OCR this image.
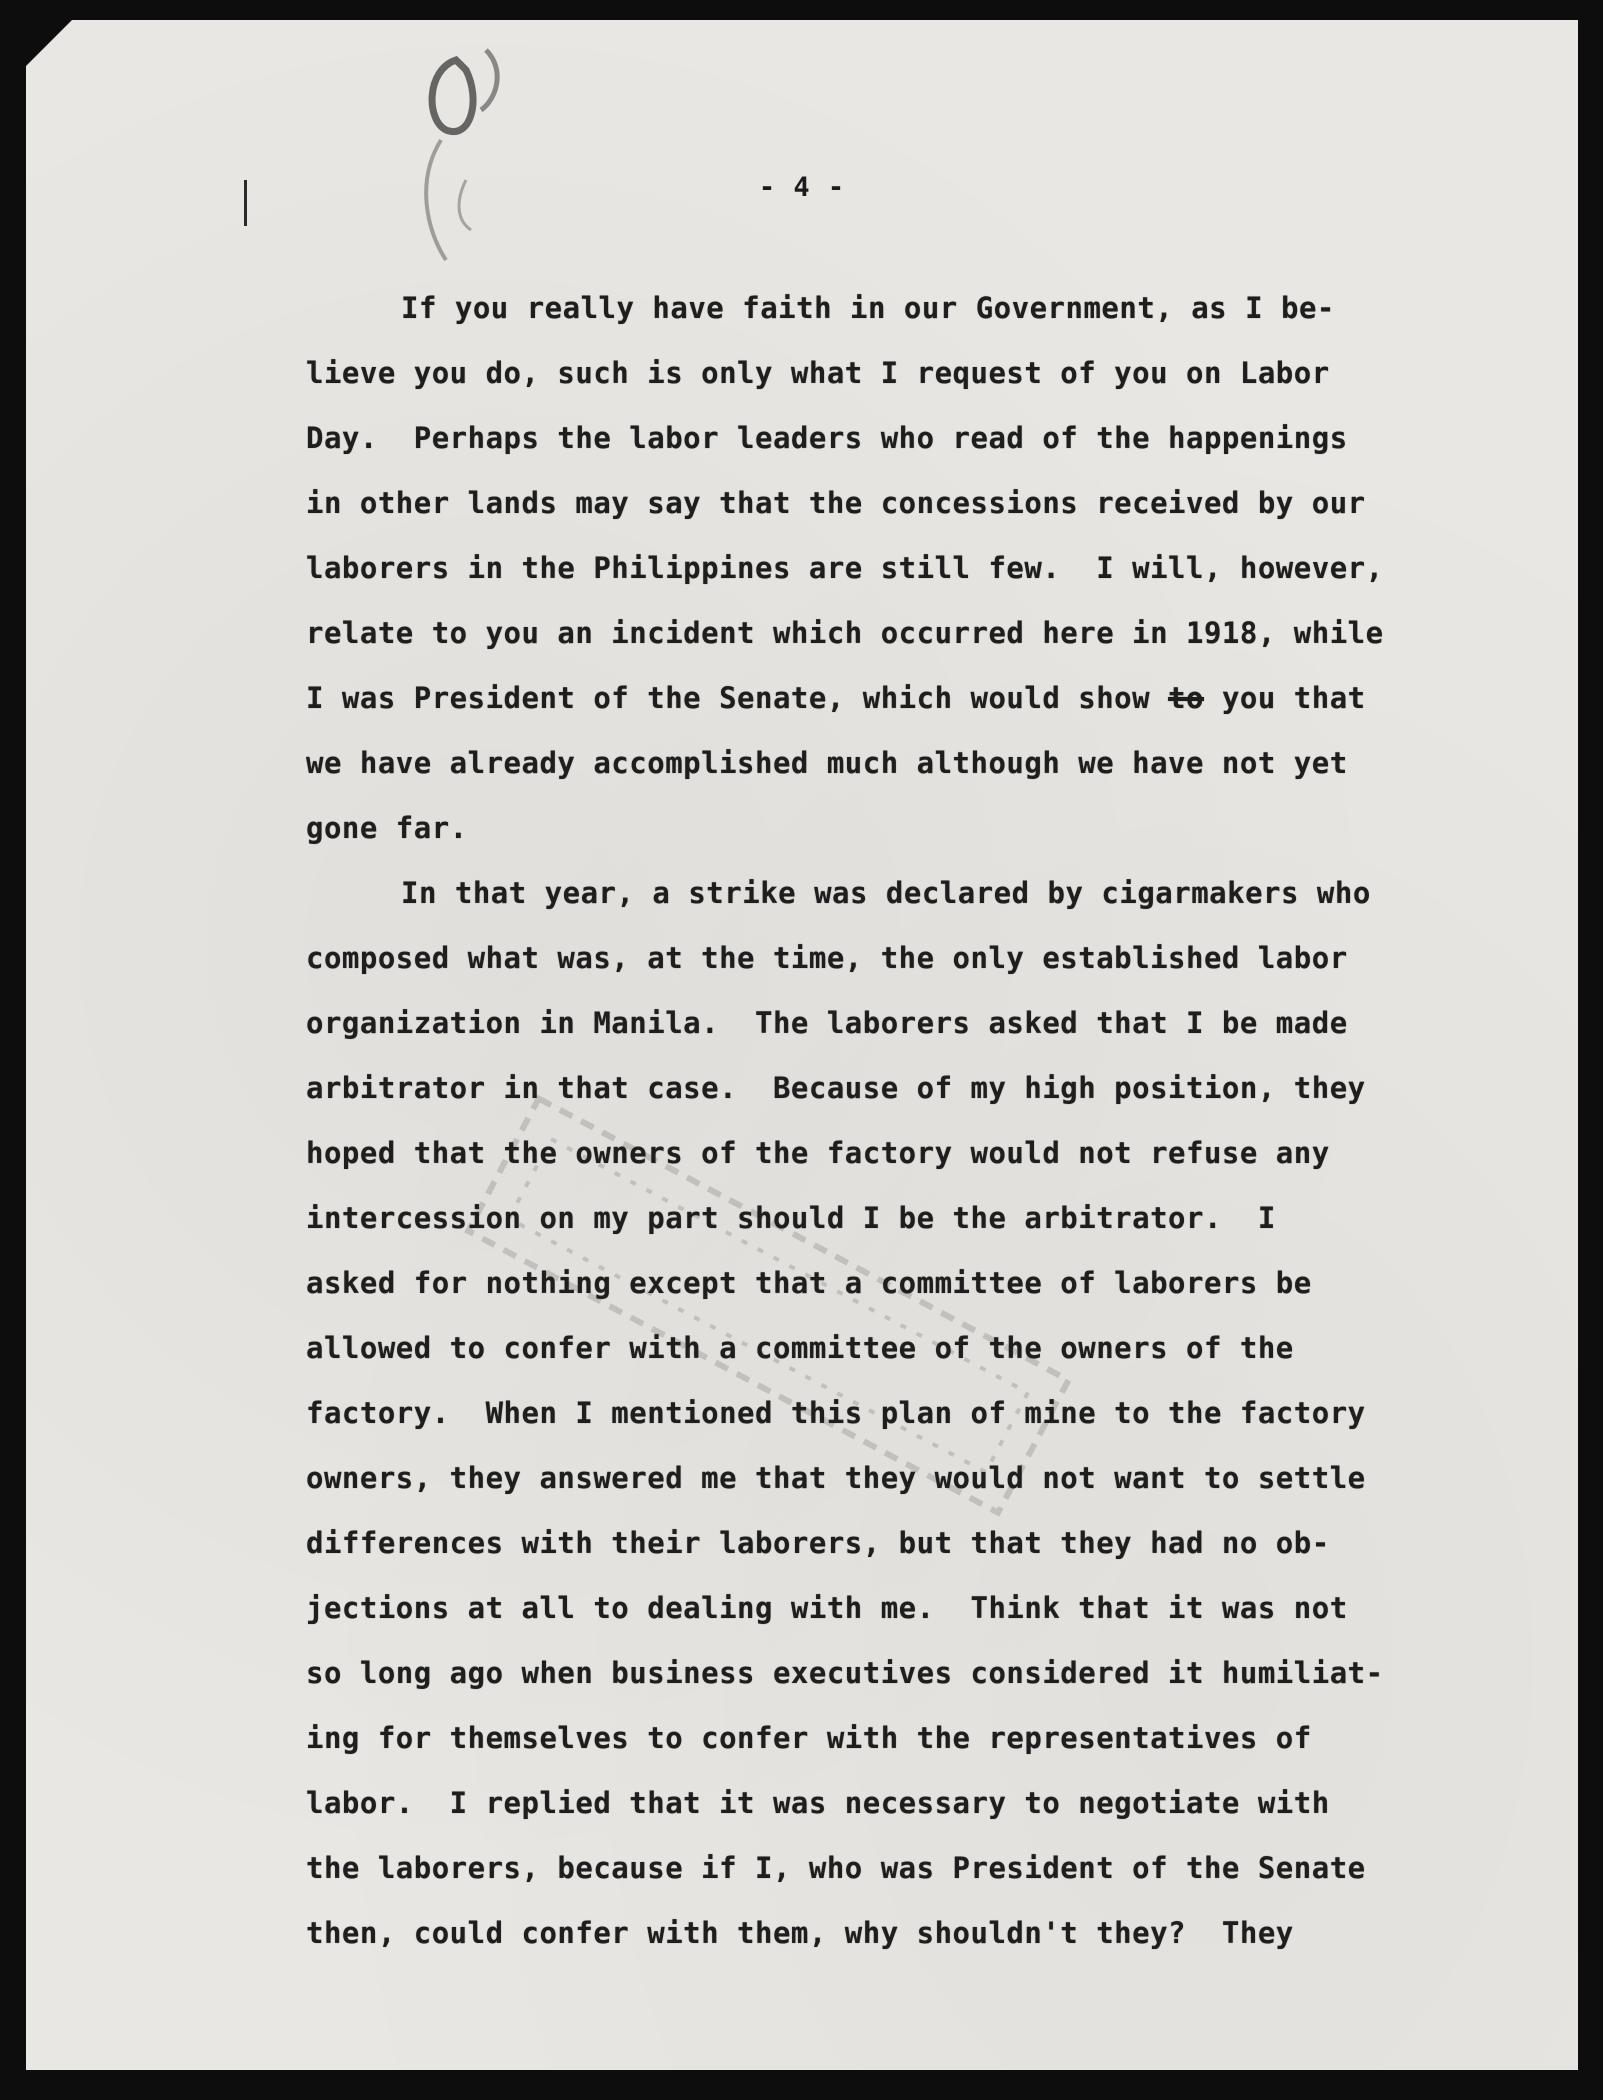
- 4 -
If you really have faith in our Government, as I be-
lieve you do, such is only what I request of you on Labor
Day.  Perhaps the labor leaders who read of the happenings
in other lands may say that the concessions received by our
laborers in the Philippines are still few.  I will, however,
relate to you an incident which occurred here in 1918, while
I was President of the Senate, which would show to you that
we have already accomplished much although we have not yet
gone far.
In that year, a strike was declared by cigarmakers who
composed what was, at the time, the only established labor
organization in Manila.  The laborers asked that I be made
arbitrator in that case.  Because of my high position, they
hoped that the owners of the factory would not refuse any
intercession on my part should I be the arbitrator.  I
asked for nothing except that a committee of laborers be
allowed to confer with a committee of the owners of the
factory.  When I mentioned this plan of mine to the factory
owners, they answered me that they would not want to settle
differences with their laborers, but that they had no ob-
jections at all to dealing with me.  Think that it was not
so long ago when business executives considered it humiliat-
ing for themselves to confer with the representatives of
labor.  I replied that it was necessary to negotiate with
the laborers, because if I, who was President of the Senate
then, could confer with them, why shouldn't they?  They
